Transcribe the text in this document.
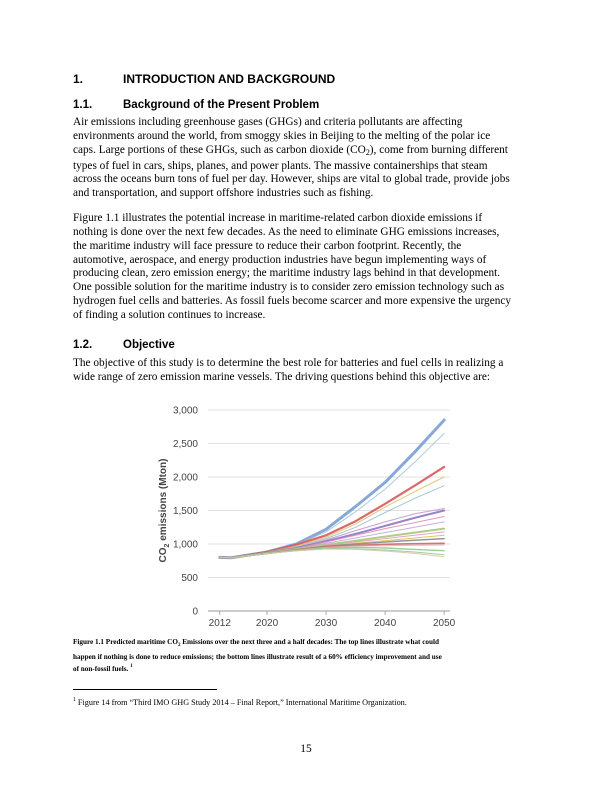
1.	INTRODUCTION AND BACKGROUND
1.1.	Background of the Present Problem
Air emissions including greenhouse gases (GHGs) and criteria pollutants are affecting
environments around the world, from smoggy skies in Beijing to the melting of the polar ice
caps. Large portions of these GHGs, such as carbon dioxide $(CO_2)$, come from burning different
types of fuel in cars, ships, planes, and power plants. The massive containerships that steam
across the oceans burn tons of fuel per day. However, ships are vital to global trade, provide jobs
and transportation, and support offshore industries such as fishing.
Figure 1.1 illustrates the potential increase in maritime-related carbon dioxide emissions if
nothing is done over the next few decades. As the need to eliminate GHG emissions increases,
the maritime industry will face pressure to reduce their carbon footprint. Recently, the
automotive, aerospace, and energy production industries have begun implementing ways of
producing clean, zero emission energy; the maritime industry lags behind in that development.
One possible solution for the maritime industry is to consider zero emission technology such as
hydrogen fuel cells and batteries. As fossil fuels become scarcer and more expensive the urgency
of finding a solution continues to increase.
1.2.	Objective
The objective of this study is to determine the best role for batteries and fuel cells in realizing a
wide range of zero emission marine vessels. The driving questions behind this objective are:
0
500
1,000
1,500
2,000
2,500
3,000
2012 2020	2030	2040	2050
$CO_2$ emissions (Mton)
Figure 1.1 Predicted maritime $CO_2$ Emissions over the next three and a half decades: The top lines illustrate what could
happen if nothing is done to reduce emissions; the bottom lines illustrate result of a 60% efficiency improvement and use
of non-fossil fuels. $^1$
$^1$ Figure 14 from “Third IMO GHG Study 2014 – Final Report,” International Maritime Organization.
15
